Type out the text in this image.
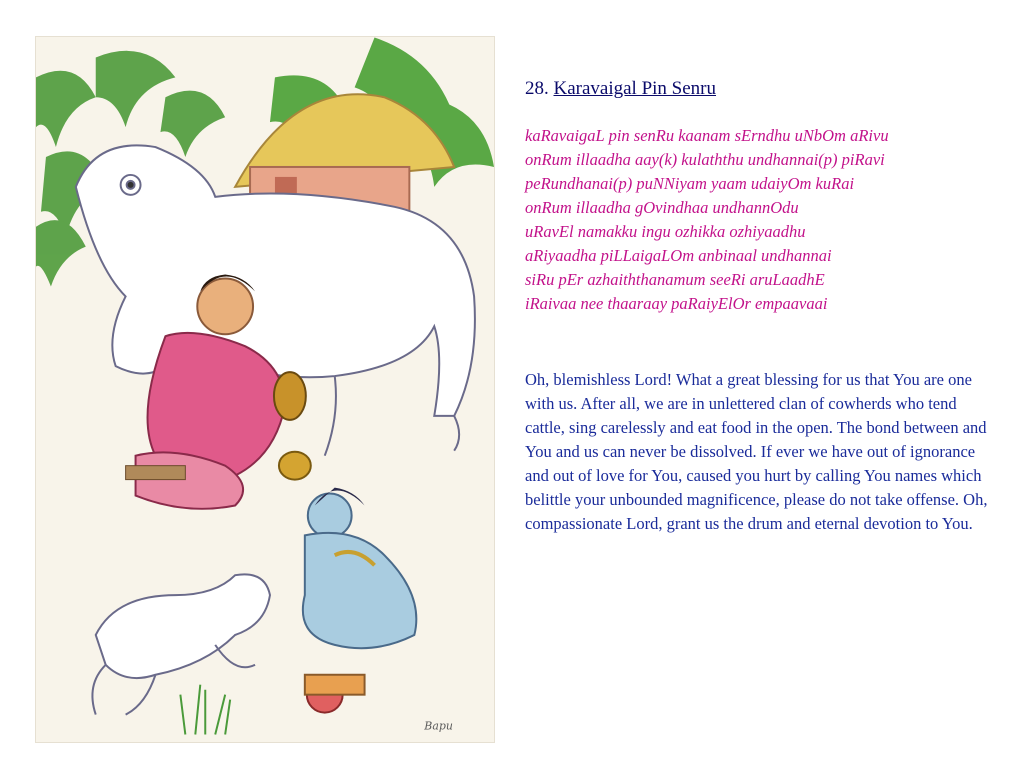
Bapu
28. Karavaigal Pin Senru
kaRavaigaL pin senRu kaanam sErndhu uNbOm aRivu
onRum illaadha aay(k) kulaththu undhannai(p) piRavi
peRundhanai(p) puNNiyam yaam udaiyOm kuRai
onRum illaadha gOvindhaa undhannOdu
uRavEl namakku ingu ozhikka ozhiyaadhu
aRiyaadha piLLaigaLOm anbinaal undhannai
siRu pEr azhaiththanamum seeRi aruLaadhE
iRaivaa nee thaaraay paRaiyElOr empaavaai
Oh, blemishless Lord! What a great blessing for us that You are one with us. After all, we are in unlettered clan of cowherds who tend cattle, sing carelessly and eat food in the open. The bond between and You and us can never be dissolved. If ever we have out of ignorance and out of love for You, caused you hurt by calling You names which belittle your unbounded magnificence, please do not take offense. Oh, compassionate Lord, grant us the drum and eternal devotion to You.
